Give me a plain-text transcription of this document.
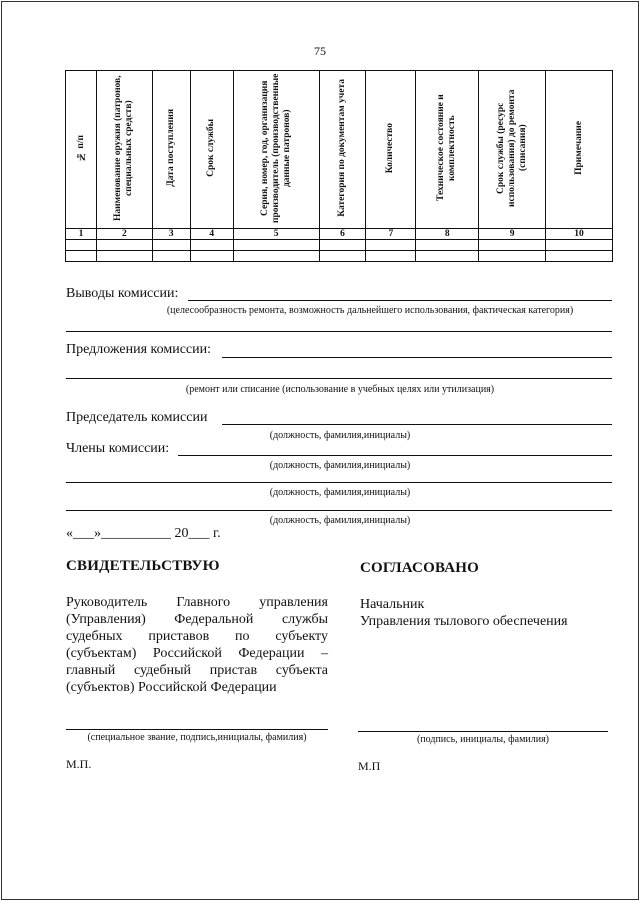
75
№ п/п	Наименование оружия (патронов, специальных средств)	Дата поступления	Срок службы	Серия, номер, год, организация производитель (производственные данные патронов)	Категория по документам учета	Количество	Техническое состояние и комплектность	Срок службы (ресурс использования) до ремонта (списания)	Примечание
1	2	3	4	5	6	7	8	9	10

Выводы комиссии:
(целесообразность ремонта, возможность дальнейшего использования, фактическая категория)
Предложения комиссии:
(ремонт или списание (использование в учебных целях или утилизация)
Председатель комиссии
(должность, фамилия,инициалы)
Члены комиссии:
(должность, фамилия,инициалы)
(должность, фамилия,инициалы)
(должность, фамилия,инициалы)
«___»__________ 20___ г.
СВИДЕТЕЛЬСТВУЮ
Руководитель Главного управления
(Управления) Федеральной службы
судебных приставов по субъекту
(субъектам) Российской Федерации –
главный судебный пристав субъекта
(субъектов) Российской Федерации
(специальное звание, подпись,инициалы, фамилия)
М.П.
СОГЛАСОВАНО
Начальник
Управления тылового обеспечения
(подпись, инициалы, фамилия)
М.П
